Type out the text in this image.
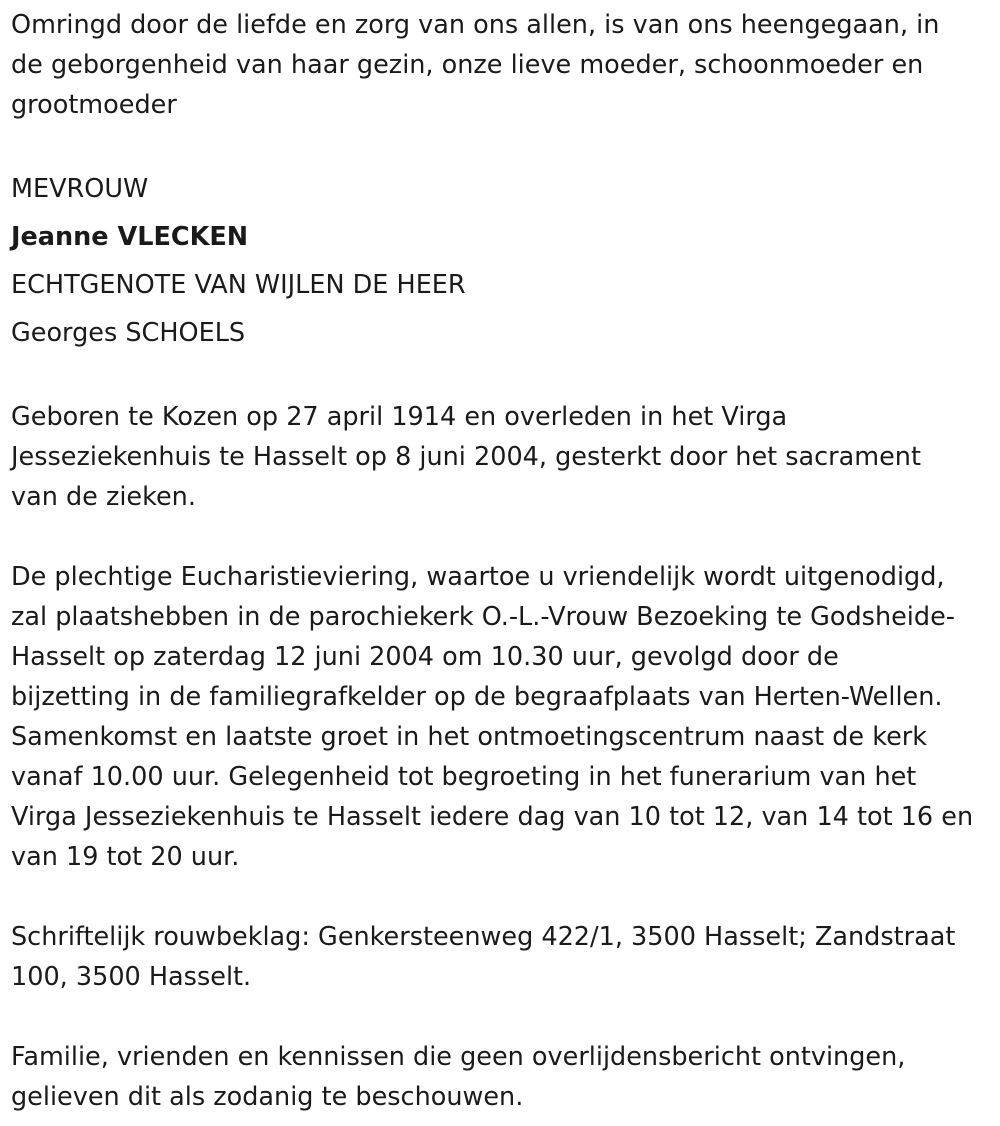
Omringd door de liefde en zorg van ons allen, is van ons heengegaan, in
de geborgenheid van haar gezin, onze lieve moeder, schoonmoeder en
grootmoeder

MEVROUW
Jeanne VLECKEN
ECHTGENOTE VAN WIJLEN DE HEER
Georges SCHOELS

Geboren te Kozen op 27 april 1914 en overleden in het Virga
Jesseziekenhuis te Hasselt op 8 juni 2004, gesterkt door het sacrament
van de zieken.

De plechtige Eucharistieviering, waartoe u vriendelijk wordt uitgenodigd,
zal plaatshebben in de parochiekerk O.-L.-Vrouw Bezoeking te Godsheide-
Hasselt op zaterdag 12 juni 2004 om 10.30 uur, gevolgd door de
bijzetting in de familiegrafkelder op de begraafplaats van Herten-Wellen.
Samenkomst en laatste groet in het ontmoetingscentrum naast de kerk
vanaf 10.00 uur. Gelegenheid tot begroeting in het funerarium van het
Virga Jesseziekenhuis te Hasselt iedere dag van 10 tot 12, van 14 tot 16 en
van 19 tot 20 uur.

Schriftelijk rouwbeklag: Genkersteenweg 422/1, 3500 Hasselt; Zandstraat
100, 3500 Hasselt.

Familie, vrienden en kennissen die geen overlijdensbericht ontvingen,
gelieven dit als zodanig te beschouwen.
